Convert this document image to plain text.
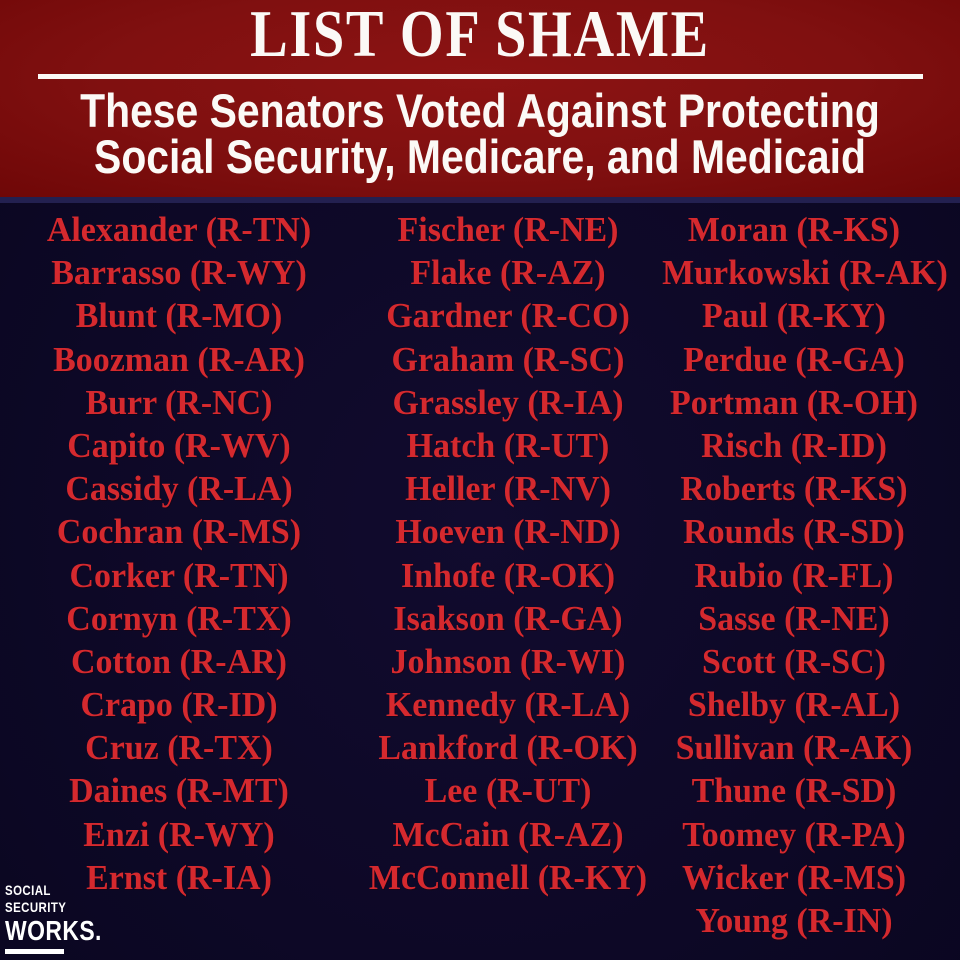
LIST OF SHAME
These Senators Voted Against Protecting
Social Security, Medicare, and Medicaid
Alexander (R-TN)
Barrasso (R-WY)
Blunt (R-MO)
Boozman (R-AR)
Burr (R-NC)
Capito (R-WV)
Cassidy (R-LA)
Cochran (R-MS)
Corker (R-TN)
Cornyn (R-TX)
Cotton (R-AR)
Crapo (R-ID)
Cruz (R-TX)
Daines (R-MT)
Enzi (R-WY)
Ernst (R-IA)
Fischer (R-NE)
Flake (R-AZ)
Gardner (R-CO)
Graham (R-SC)
Grassley (R-IA)
Hatch (R-UT)
Heller (R-NV)
Hoeven (R-ND)
Inhofe (R-OK)
Isakson (R-GA)
Johnson (R-WI)
Kennedy (R-LA)
Lankford (R-OK)
Lee (R-UT)
McCain (R-AZ)
McConnell (R-KY)
Moran (R-KS)
Murkowski (R-AK)
Paul (R-KY)
Perdue (R-GA)
Portman (R-OH)
Risch (R-ID)
Roberts (R-KS)
Rounds (R-SD)
Rubio (R-FL)
Sasse (R-NE)
Scott (R-SC)
Shelby (R-AL)
Sullivan (R-AK)
Thune (R-SD)
Toomey (R-PA)
Wicker (R-MS)
Young (R-IN)
SOCIAL
SECURITY
WORKS.
